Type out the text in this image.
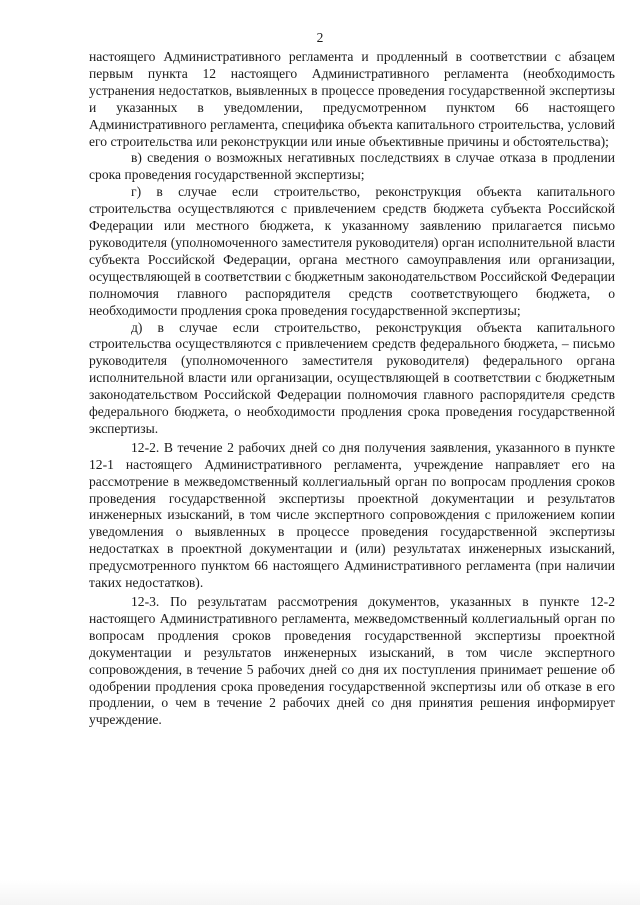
2

настоящего Административного регламента и продленный в соответствии с абзацем первым пункта 12 настоящего Административного регламента (необходимость устранения недостатков, выявленных в процессе проведения государственной экспертизы и указанных в уведомлении, предусмотренном пунктом 66 настоящего Административного регламента, специфика объекта капитального строительства, условий его строительства или реконструкции или иные объективные причины и обстоятельства);

в) сведения о возможных негативных последствиях в случае отказа в продлении срока проведения государственной экспертизы;

г) в случае если строительство, реконструкция объекта капитального строительства осуществляются с привлечением средств бюджета субъекта Российской Федерации или местного бюджета, к указанному заявлению прилагается письмо руководителя (уполномоченного заместителя руководителя) орган исполнительной власти субъекта Российской Федерации, органа местного самоуправления или организации, осуществляющей в соответствии с бюджетным законодательством Российской Федерации полномочия главного распорядителя средств соответствующего бюджета, о необходимости продления срока проведения государственной экспертизы;

д) в случае если строительство, реконструкция объекта капитального строительства осуществляются с привлечением средств федерального бюджета, – письмо руководителя (уполномоченного заместителя руководителя) федерального органа исполнительной власти или организации, осуществляющей в соответствии с бюджетным законодательством Российской Федерации полномочия главного распорядителя средств федерального бюджета, о необходимости продления срока проведения государственной экспертизы.

12-2. В течение 2 рабочих дней со дня получения заявления, указанного в пункте 12-1 настоящего Административного регламента, учреждение направляет его на рассмотрение в межведомственный коллегиальный орган по вопросам продления сроков проведения государственной экспертизы проектной документации и результатов инженерных изысканий, в том числе экспертного сопровождения с приложением копии уведомления о выявленных в процессе проведения государственной экспертизы недостатках в проектной документации и (или) результатах инженерных изысканий, предусмотренного пунктом 66 настоящего Административного регламента (при наличии таких недостатков).

12-3. По результатам рассмотрения документов, указанных в пункте 12-2 настоящего Административного регламента, межведомственный коллегиальный орган по вопросам продления сроков проведения государственной экспертизы проектной документации и результатов инженерных изысканий, в том числе экспертного сопровождения, в течение 5 рабочих дней со дня их поступления принимает решение об одобрении продления срока проведения государственной экспертизы или об отказе в его продлении, о чем в течение 2 рабочих дней со дня принятия решения информирует учреждение.
